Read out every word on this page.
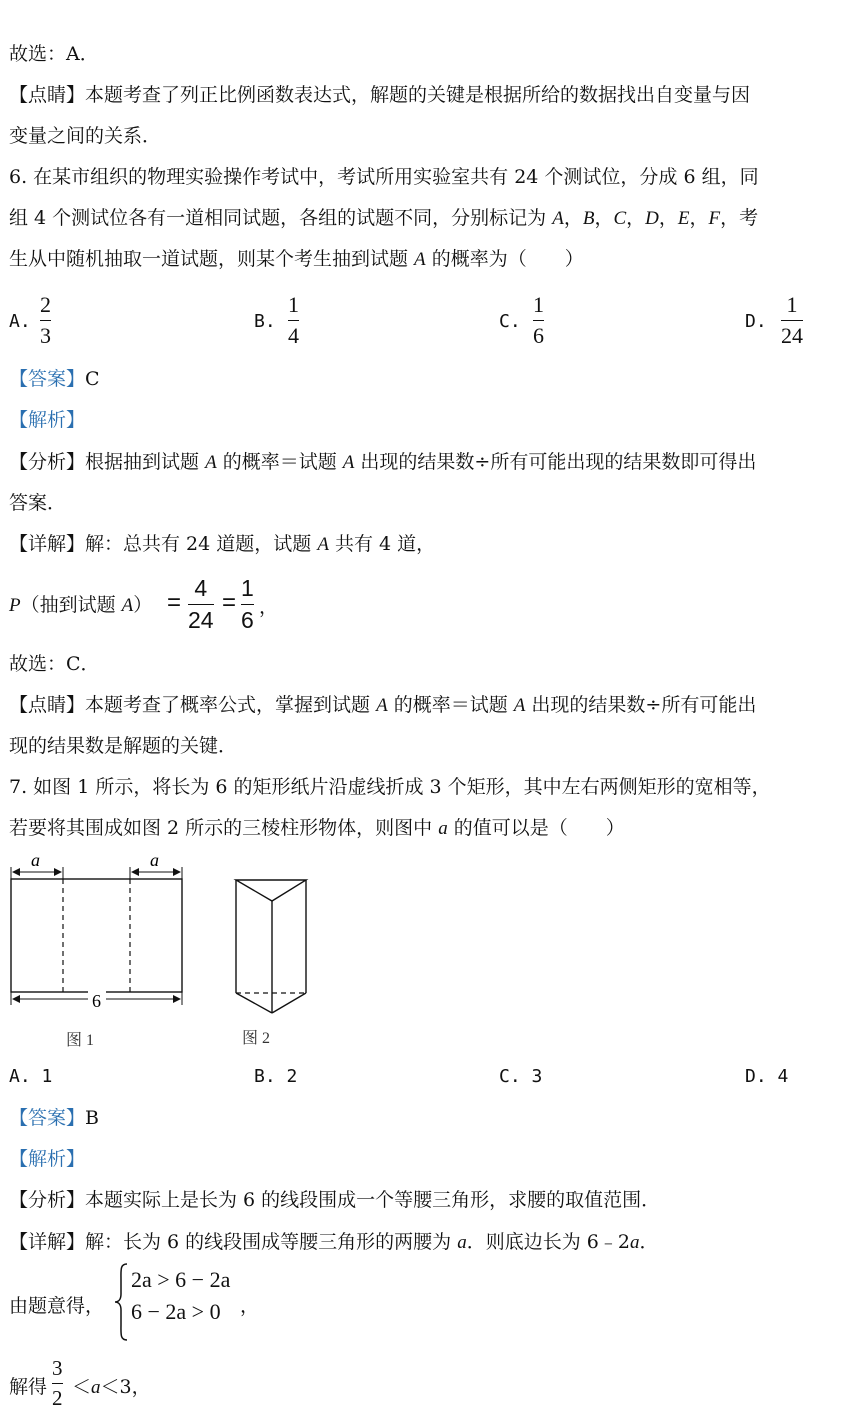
故选：A．
【点睛】本题考查了列正比例函数表达式，解题的关键是根据所给的数据找出自变量与因
变量之间的关系．
6. 在某市组织的物理实验操作考试中，考试所用实验室共有 24 个测试位，分成 6 组，同
组 4 个测试位各有一道相同试题，各组的试题不同，分别标记为 A，B，C，D，E，F，考
生从中随机抽取一道试题，则某个考生抽到试题 A 的概率为（　　）
A.
2
3
B.
1
4
C.
1
6
D.
1
24
【答案】C
【解析】
【分析】根据抽到试题 A 的概率＝试题 A 出现的结果数÷所有可能出现的结果数即可得出
答案．
【详解】解：总共有 24 道题，试题 A 共有 4 道，
P（抽到试题 A） =
4
24
=
1
6 ，
故选：C．
【点睛】本题考查了概率公式，掌握到试题 A 的概率＝试题 A 出现的结果数÷所有可能出
现的结果数是解题的关键．
7. 如图 1 所示，将长为 6 的矩形纸片沿虚线折成 3 个矩形，其中左右两侧矩形的宽相等，
若要将其围成如图 2 所示的三棱柱形物体，则图中 a 的值可以是（　　）
a	a
6
图 1	图 2
A. 1	B. 2	C. 3	D. 4
【答案】B
【解析】
【分析】本题实际上是长为 6 的线段围成一个等腰三角形，求腰的取值范围．
【详解】解：长为 6 的线段围成等腰三角形的两腰为 a．则底边长为 6﹣2a．
由题意得，
2a > 6 − 2a
6 − 2a > 0	，
解得
3
2 ＜a＜3，
